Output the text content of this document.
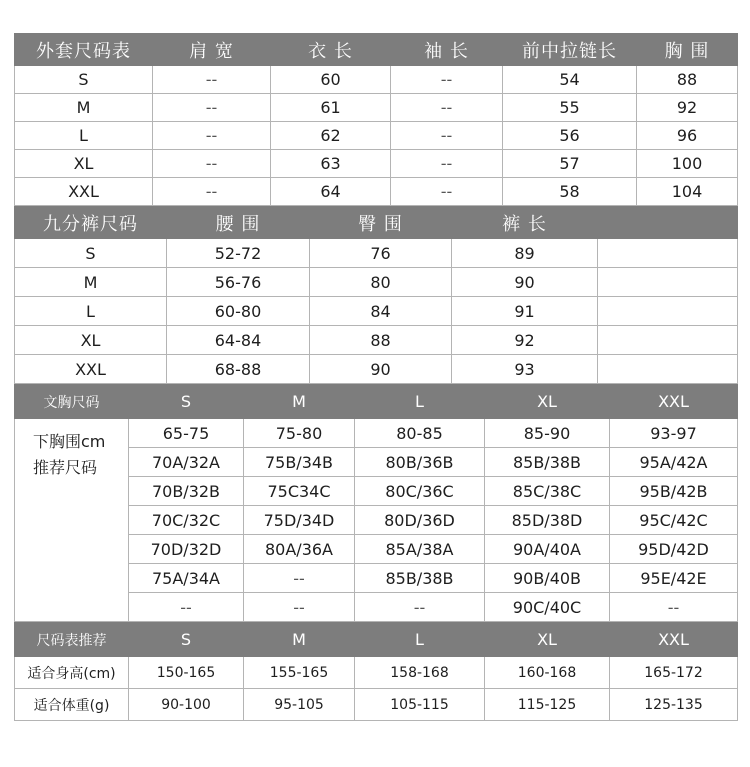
外套尺码表	肩 宽	衣 长	袖 长	前中拉链长	胸 围
S	--	60	--	54	88
M	--	61	--	55	92
L	--	62	--	56	96
XL	--	63	--	57	100
XXL	--	64	--	58	104
九分裤尺码	腰 围	臀 围	裤 长	
S	52-72	76	89	
M	56-76	80	90	
L	60-80	84	91	
XL	64-84	88	92	
XXL	68-88	90	93	
文胸尺码	S	M	L	XL	XXL

下胸围cm
推荐尺码	65-75	75-80	80-85	85-90	93-97
	70A/32A	75B/34B	80B/36B	85B/38B	95A/42A
	70B/32B	75C34C	80C/36C	85C/38C	95B/42B
	70C/32C	75D/34D	80D/36D	85D/38D	95C/42C
	70D/32D	80A/36A	85A/38A	90A/40A	95D/42D
	75A/34A	--	85B/38B	90B/40B	95E/42E
	--	--	--	90C/40C	--
尺码表推荐	S	M	L	XL	XXL
适合身高(cm)	150-165	155-165	158-168	160-168	165-172
适合体重(g)	90-100	95-105	105-115	115-125	125-135
